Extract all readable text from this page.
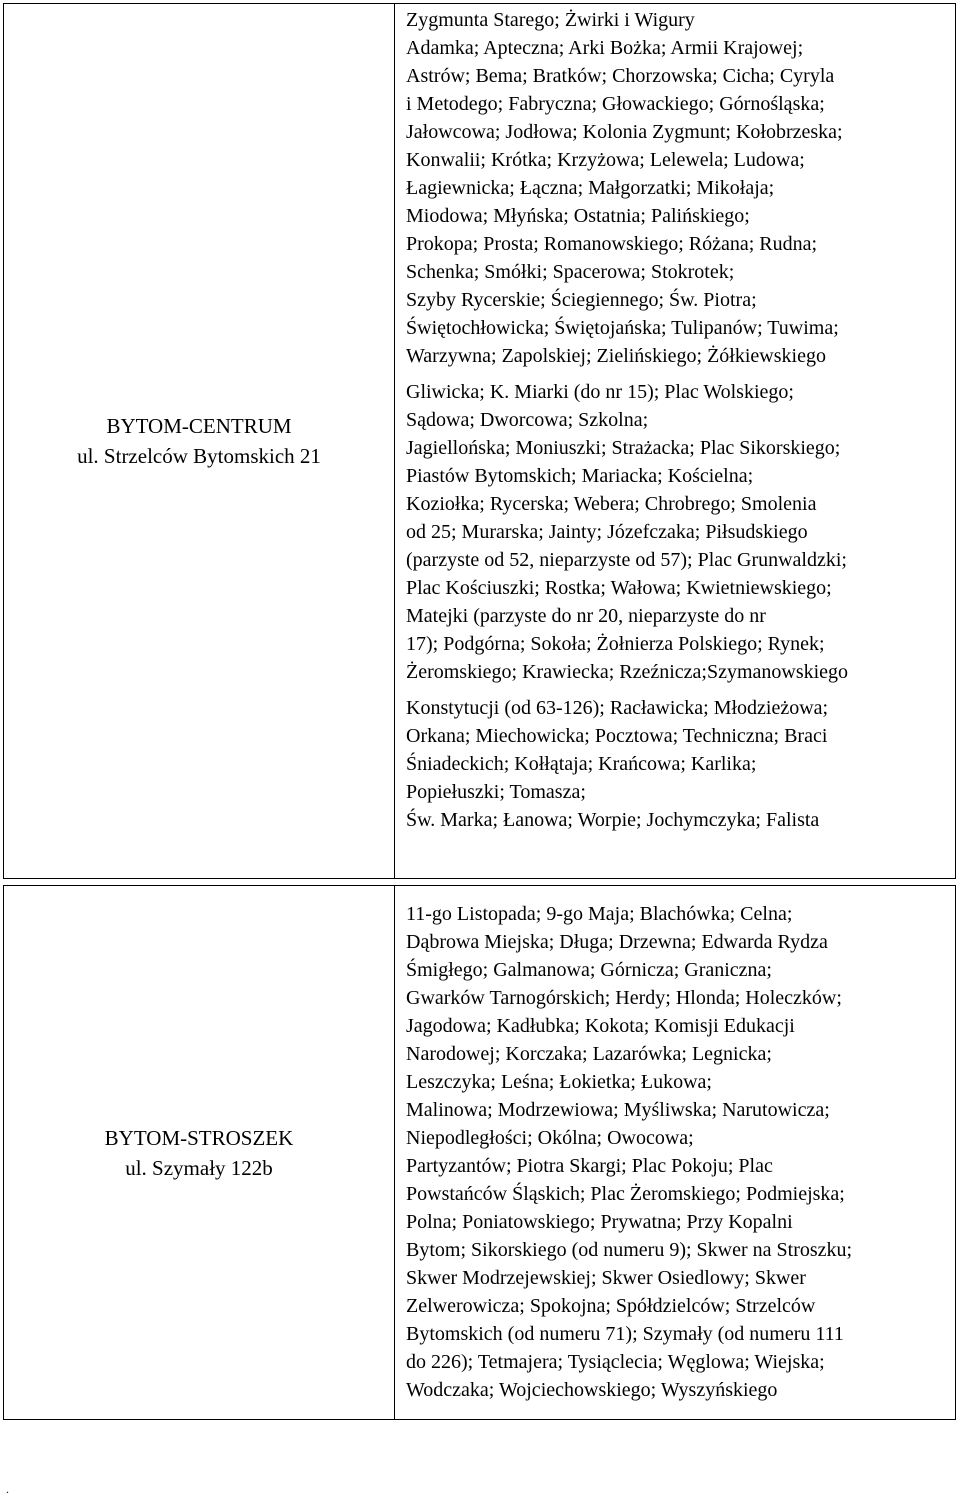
BYTOM-CENTRUM
ul. Strzelców Bytomskich 21
Zygmunta Starego; Żwirki i Wigury
Adamka; Apteczna; Arki Bożka; Armii Krajowej;
Astrów; Bema; Bratków; Chorzowska; Cicha; Cyryla
i Metodego; Fabryczna; Głowackiego; Górnośląska;
Jałowcowa; Jodłowa; Kolonia Zygmunt; Kołobrzeska;
Konwalii; Krótka; Krzyżowa; Lelewela; Ludowa;
Łagiewnicka; Łączna; Małgorzatki; Mikołaja;
Miodowa; Młyńska; Ostatnia; Palińskiego;
Prokopa; Prosta; Romanowskiego; Różana; Rudna;
Schenka; Smółki; Spacerowa; Stokrotek;
Szyby Rycerskie; Ściegiennego; Św. Piotra;
Świętochłowicka; Świętojańska; Tulipanów; Tuwima;
Warzywna; Zapolskiej; Zielińskiego; Żółkiewskiego
Gliwicka; K. Miarki (do nr 15); Plac Wolskiego;
Sądowa; Dworcowa; Szkolna;
Jagiellońska; Moniuszki; Strażacka; Plac Sikorskiego;
Piastów Bytomskich; Mariacka; Kościelna;
Koziołka; Rycerska; Webera; Chrobrego; Smolenia
od 25; Murarska; Jainty; Józefczaka; Piłsudskiego
(parzyste od 52, nieparzyste od 57); Plac Grunwaldzki;
Plac Kościuszki; Rostka; Wałowa; Kwietniewskiego;
Matejki (parzyste do nr 20, nieparzyste do nr
17); Podgórna; Sokoła; Żołnierza Polskiego; Rynek;
Żeromskiego; Krawiecka; Rzeźnicza;Szymanowskiego
Konstytucji (od 63-126); Racławicka; Młodzieżowa;
Orkana; Miechowicka; Pocztowa; Techniczna; Braci
Śniadeckich; Kołłątaja; Krańcowa; Karlika;
Popiełuszki; Tomasza;
Św. Marka; Łanowa; Worpie; Jochymczyka; Falista
BYTOM-STROSZEK
ul. Szymały 122b
11-go Listopada; 9-go Maja; Blachówka; Celna;
Dąbrowa Miejska; Długa; Drzewna; Edwarda Rydza
Śmigłego; Galmanowa; Górnicza; Graniczna;
Gwarków Tarnogórskich; Herdy; Hlonda; Holeczków;
Jagodowa; Kadłubka; Kokota; Komisji Edukacji
Narodowej; Korczaka; Lazarówka; Legnicka;
Leszczyka; Leśna; Łokietka; Łukowa;
Malinowa; Modrzewiowa; Myśliwska; Narutowicza;
Niepodległości; Okólna; Owocowa;
Partyzantów; Piotra Skargi; Plac Pokoju; Plac
Powstańców Śląskich; Plac Żeromskiego; Podmiejska;
Polna; Poniatowskiego; Prywatna; Przy Kopalni
Bytom; Sikorskiego (od numeru 9); Skwer na Stroszku;
Skwer Modrzejewskiej; Skwer Osiedlowy; Skwer
Zelwerowicza; Spokojna; Spółdzielców; Strzelców
Bytomskich (od numeru 71); Szymały (od numeru 111
do 226); Tetmajera; Tysiąclecia; Węglowa; Wiejska;
Wodczaka; Wojciechowskiego; Wyszyńskiego
.
